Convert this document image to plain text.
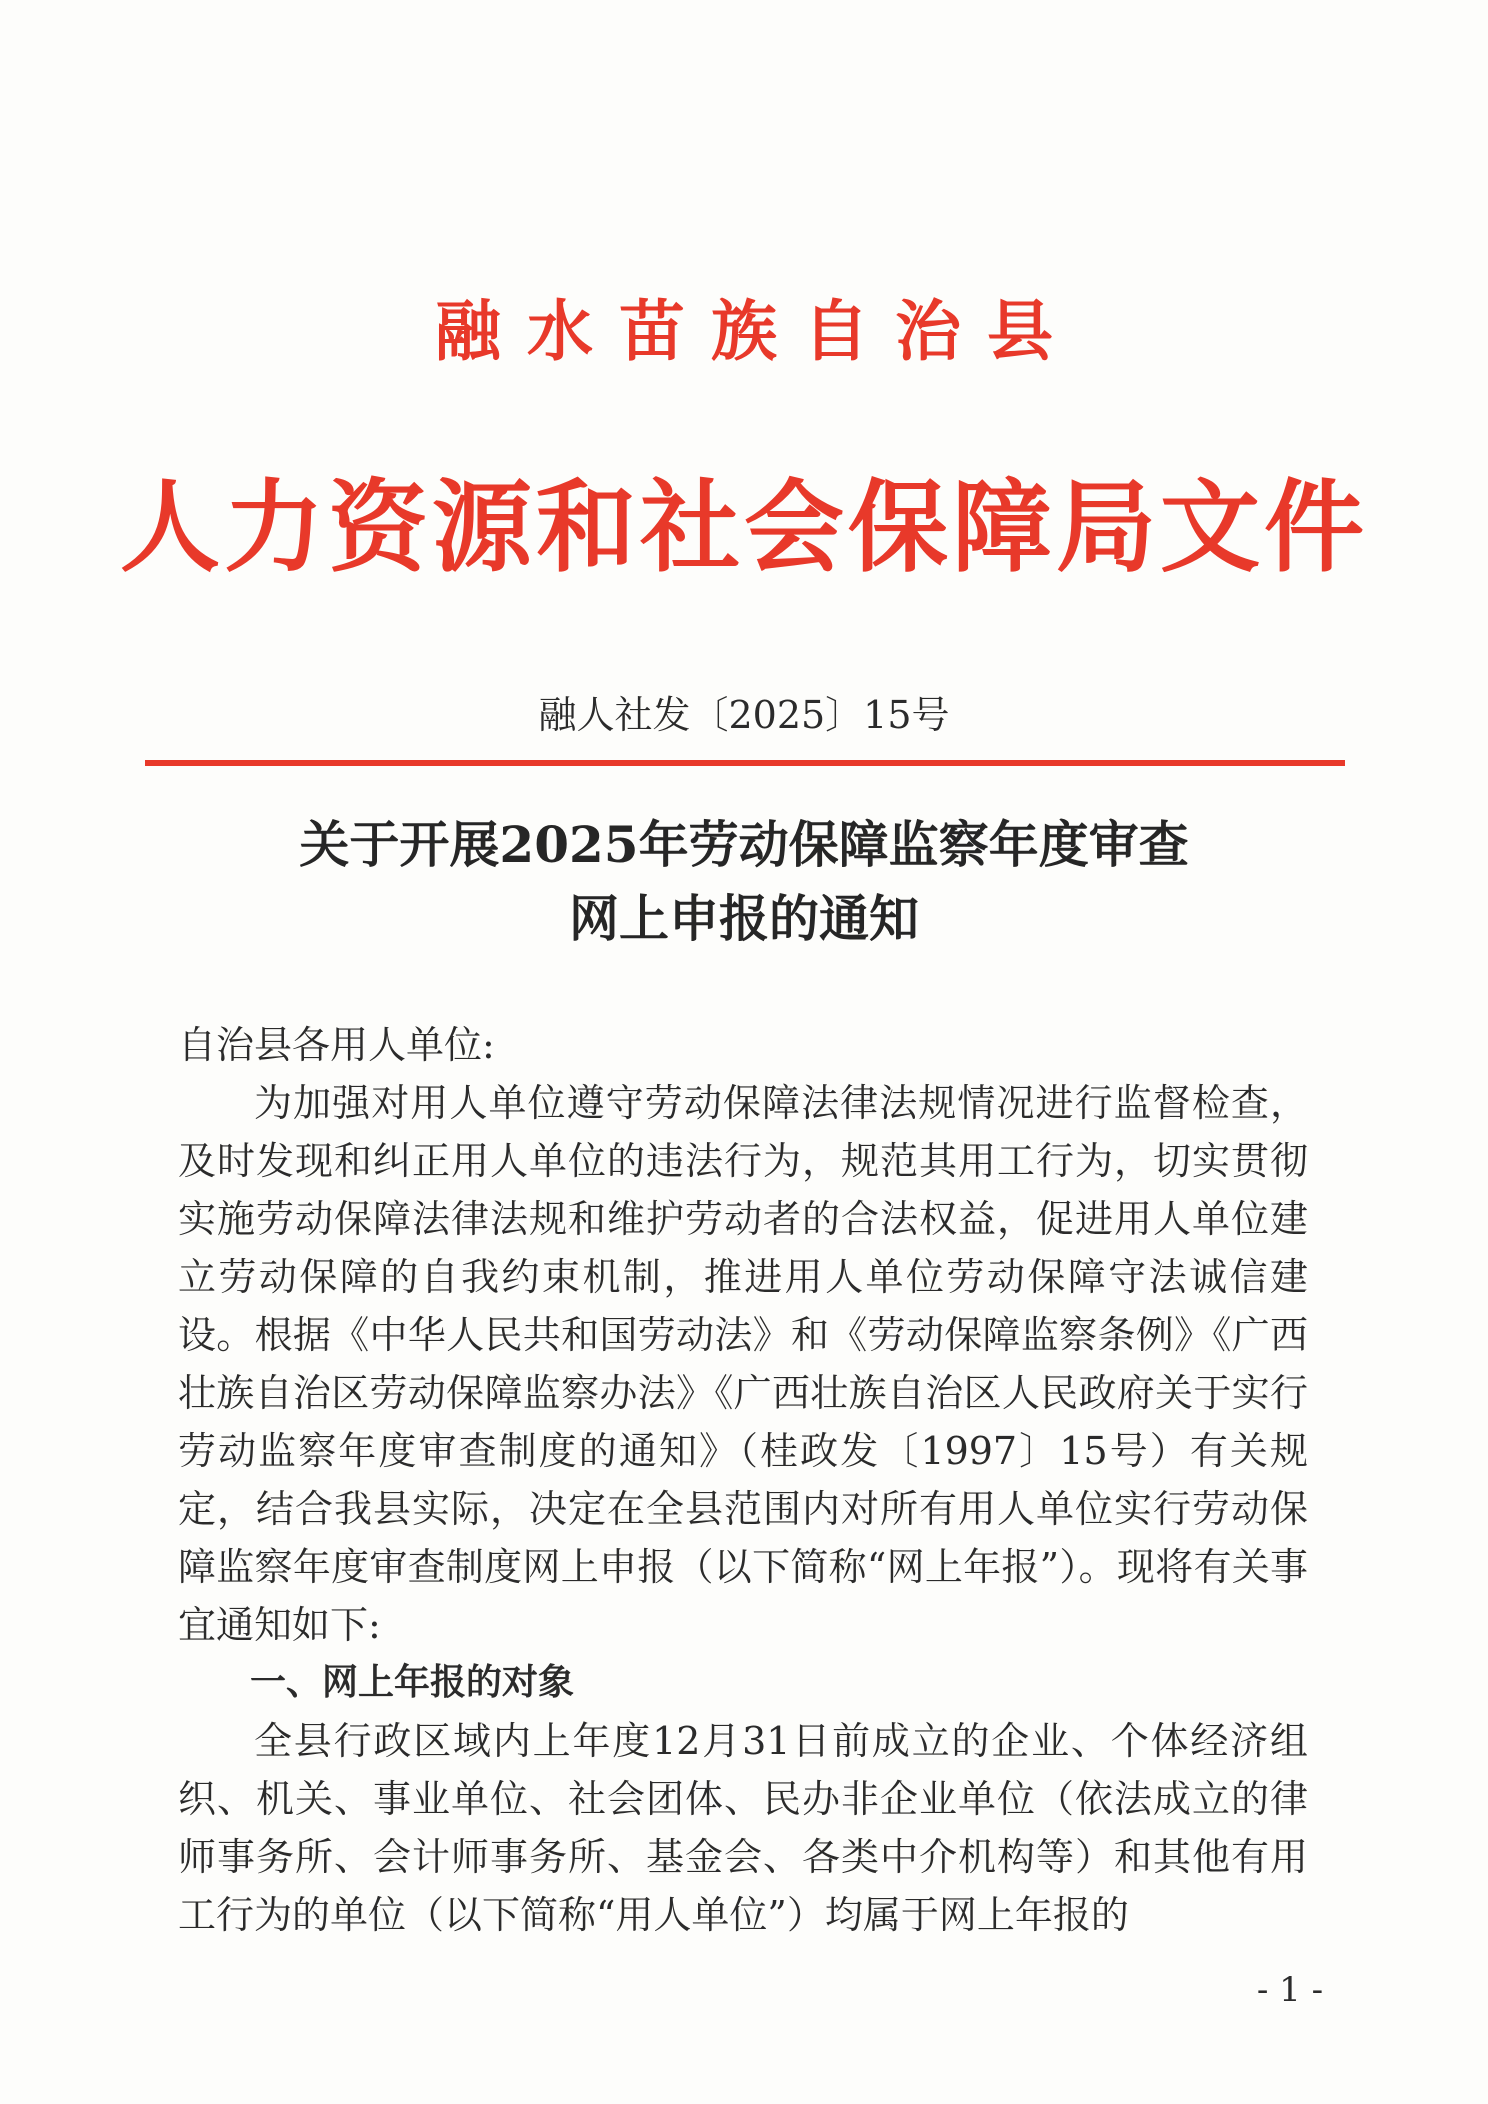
融水苗族自治县
人力资源和社会保障局文件
融人社发〔2025〕15号
关于开展2025年劳动保障监察年度审查
网上申报的通知

自治县各用人单位:

为加强对用人单位遵守劳动保障法律法规情况进行监督检查，及时发现和纠正用人单位的违法行为，规范其用工行为，切实贯彻实施劳动保障法律法规和维护劳动者的合法权益，促进用人单位建立劳动保障的自我约束机制，推进用人单位劳动保障守法诚信建设。根据《中华人民共和国劳动法》和《劳动保障监察条例》《广西壮族自治区劳动保障监察办法》《广西壮族自治区人民政府关于实行劳动监察年度审查制度的通知》（桂政发〔1997〕15号）有关规定，结合我县实际，决定在全县范围内对所有用人单位实行劳动保障监察年度审查制度网上申报（以下简称“网上年报”）。现将有关事宜通知如下:

一、网上年报的对象

全县行政区域内上年度12月31日前成立的企业、个体经济组织、机关、事业单位、社会团体、民办非企业单位（依法成立的律师事务所、会计师事务所、基金会、各类中介机构等）和其他有用工行为的单位（以下简称“用人单位”）均属于网上年报的

- 1 -
